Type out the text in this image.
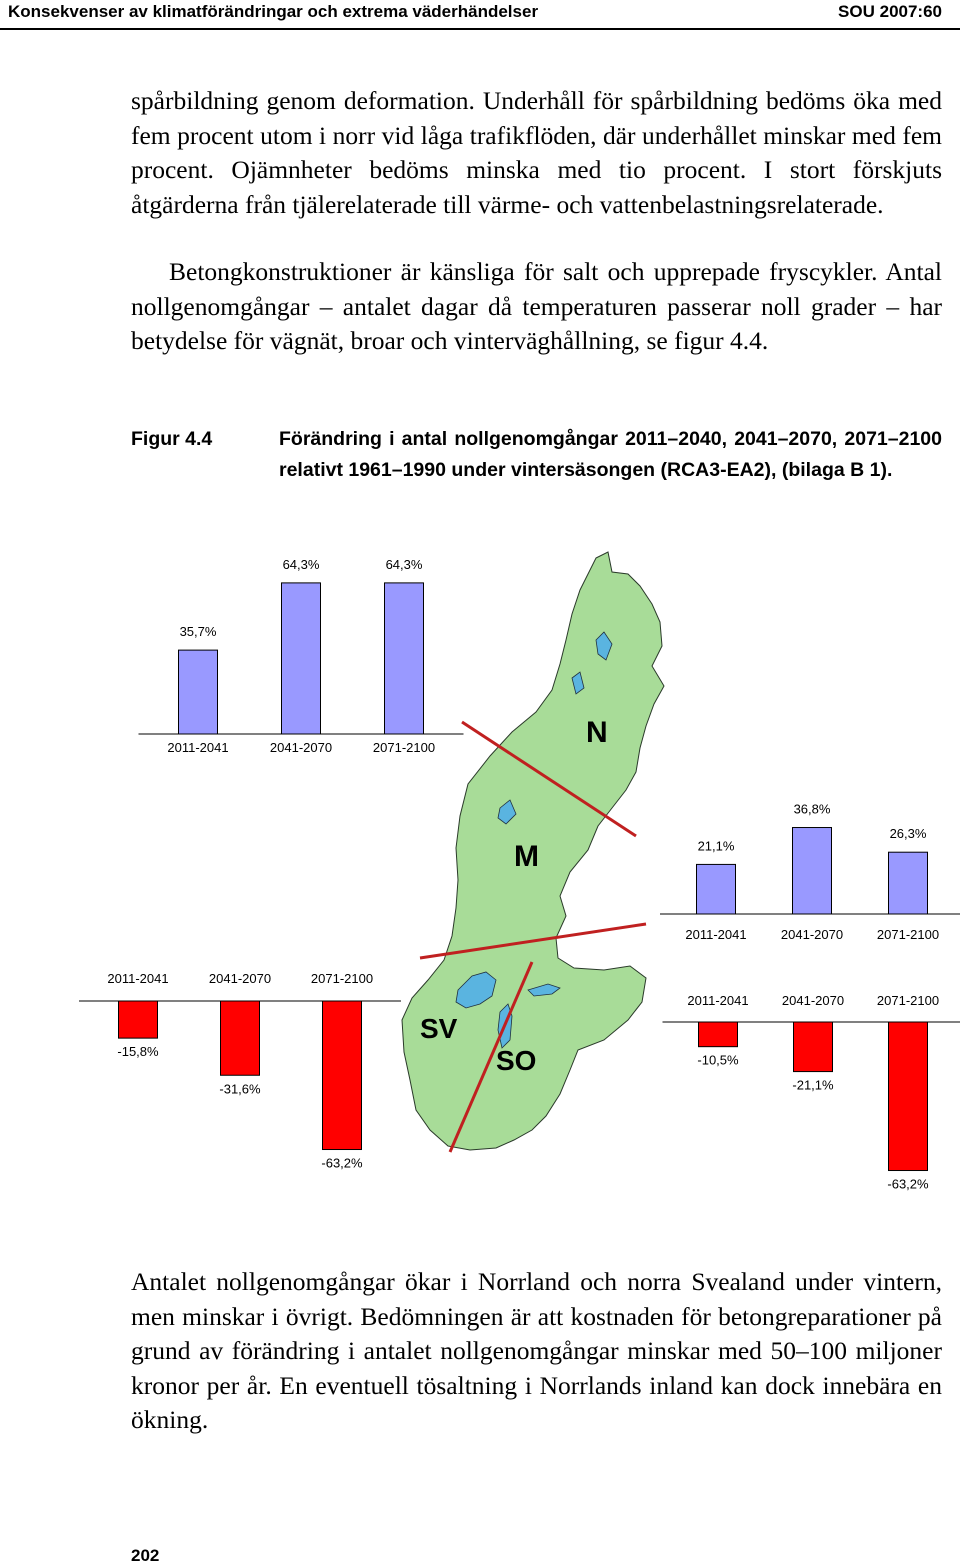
Konsekvenser av klimatförändringar och extrema väderhändelser	SOU 2007:60

spårbildning genom deformation. Underhåll för spårbildning bedöms öka med fem procent utom i norr vid låga trafikflöden, där underhållet minskar med fem procent. Ojämnheter bedöms minska med tio procent. I stort förskjuts åtgärderna från tjälerelaterade till värme- och vattenbelastningsrelaterade.

Betongkonstruktioner är känsliga för salt och upprepade fryscykler. Antal nollgenomgångar – antalet dagar då temperaturen passerar noll grader – har betydelse för vägnät, broar och vinterväghållning, se figur 4.4.

Figur 4.4	Förändring i antal nollgenomgångar 2011–2040, 2041–2070, 2071–2100 relativt 1961–1990 under vintersäsongen (RCA3-EA2), (bilaga B 1).

N
M
SV
SO
35,7%
2011-2041
64,3%
2041-2070
64,3%
2071-2100
21,1%
2011-2041
36,8%
2041-2070
26,3%
2071-2100
-15,8%
2011-2041
-31,6%
2041-2070
-63,2%
2071-2100
-10,5%
2011-2041
-21,1%
2041-2070
-63,2%
2071-2100

Antalet nollgenomgångar ökar i Norrland och norra Svealand under vintern, men minskar i övrigt. Bedömningen är att kostnaden för betongreparationer på grund av förändring i antalet nollgenomgångar minskar med 50–100 miljoner kronor per år. En eventuell tösaltning i Norrlands inland kan dock innebära en ökning.

202
